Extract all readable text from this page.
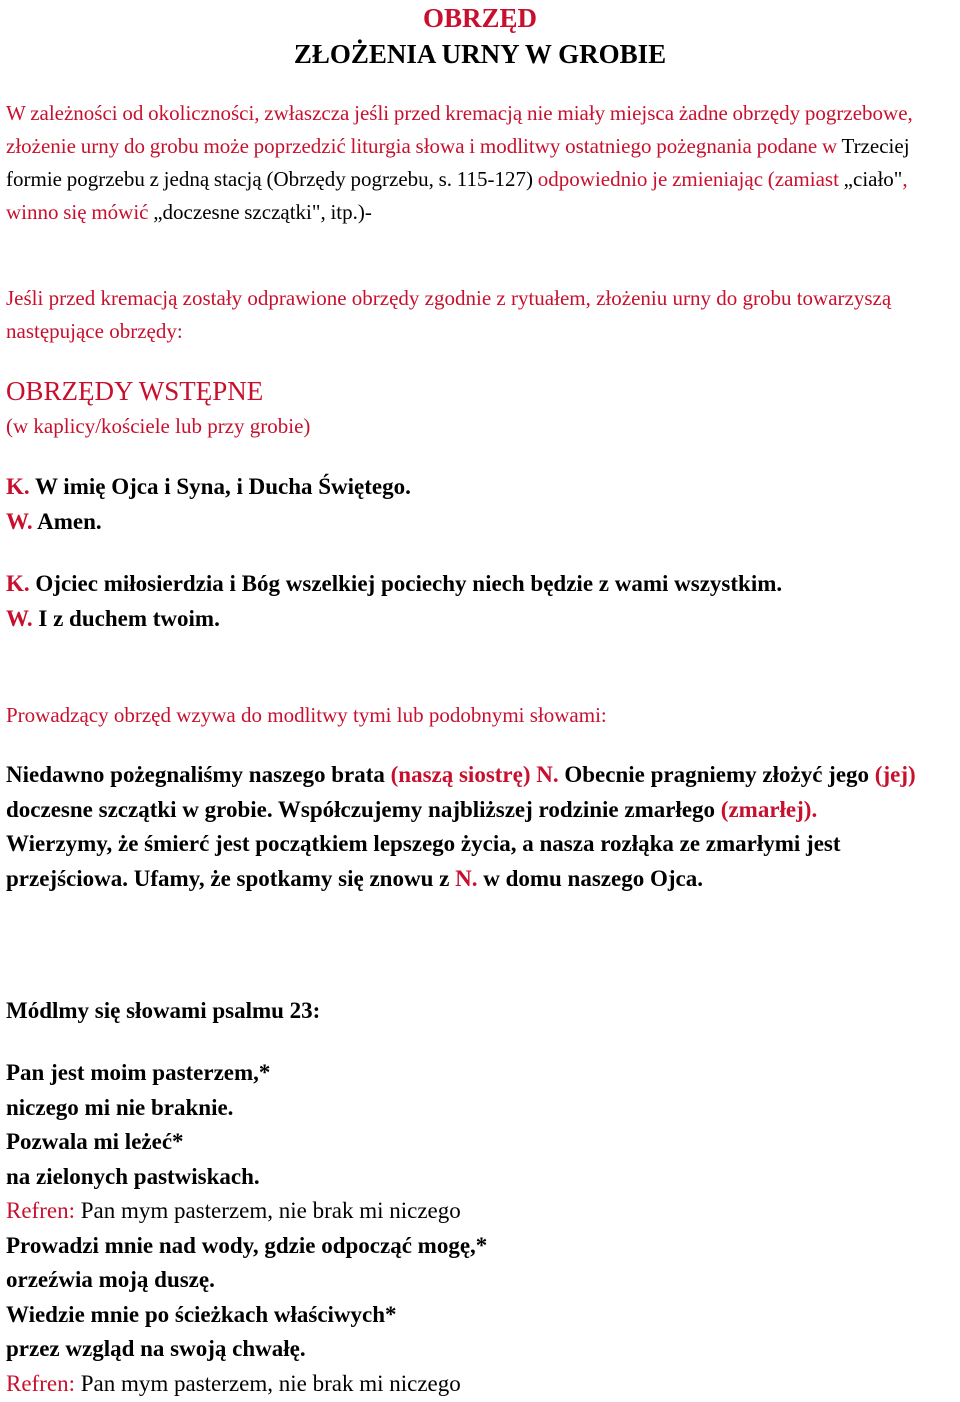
OBRZĘD
ZŁOŻENIA URNY W GROBIE

W zależności od okoliczności, zwłaszcza jeśli przed kremacją nie miały miejsca żadne obrzędy pogrzebowe, złożenie urny do grobu może poprzedzić liturgia słowa i modlitwy ostatniego pożegnania podane w Trzeciej formie pogrzebu z jedną stacją (Obrzędy pogrzebu, s. 115-127) odpowiednio je zmieniając (zamiast „ciało", winno się mówić „doczesne szczątki", itp.)-

Jeśli przed kremacją zostały odprawione obrzędy zgodnie z rytuałem, złożeniu urny do grobu towarzyszą następujące obrzędy:

OBRZĘDY WSTĘPNE
(w kaplicy/kościele lub przy grobie)
K. W imię Ojca i Syna, i Ducha Świętego.
W. Amen.
K. Ojciec miłosierdzia i Bóg wszelkiej pociechy niech będzie z wami wszystkim.
W. I z duchem twoim.

Prowadzący obrzęd wzywa do modlitwy tymi lub podobnymi słowami:

Niedawno pożegnaliśmy naszego brata (naszą siostrę) N. Obecnie pragniemy złożyć jego (jej) doczesne szczątki w grobie. Współczujemy najbliższej rodzinie zmarłego (zmarłej).
Wierzymy, że śmierć jest początkiem lepszego życia, a nasza rozłąka ze zmarłymi jest przejściowa. Ufamy, że spotkamy się znowu z N. w domu naszego Ojca.

Módlmy się słowami psalmu 23:

Pan jest moim pasterzem,*
niczego mi nie braknie.
Pozwala mi leżeć*
na zielonych pastwiskach.
Refren: Pan mym pasterzem, nie brak mi niczego
Prowadzi mnie nad wody, gdzie odpocząć mogę,*
orzeźwia moją duszę.
Wiedzie mnie po ścieżkach właściwych*
przez wzgląd na swoją chwałę.
Refren: Pan mym pasterzem, nie brak mi niczego
